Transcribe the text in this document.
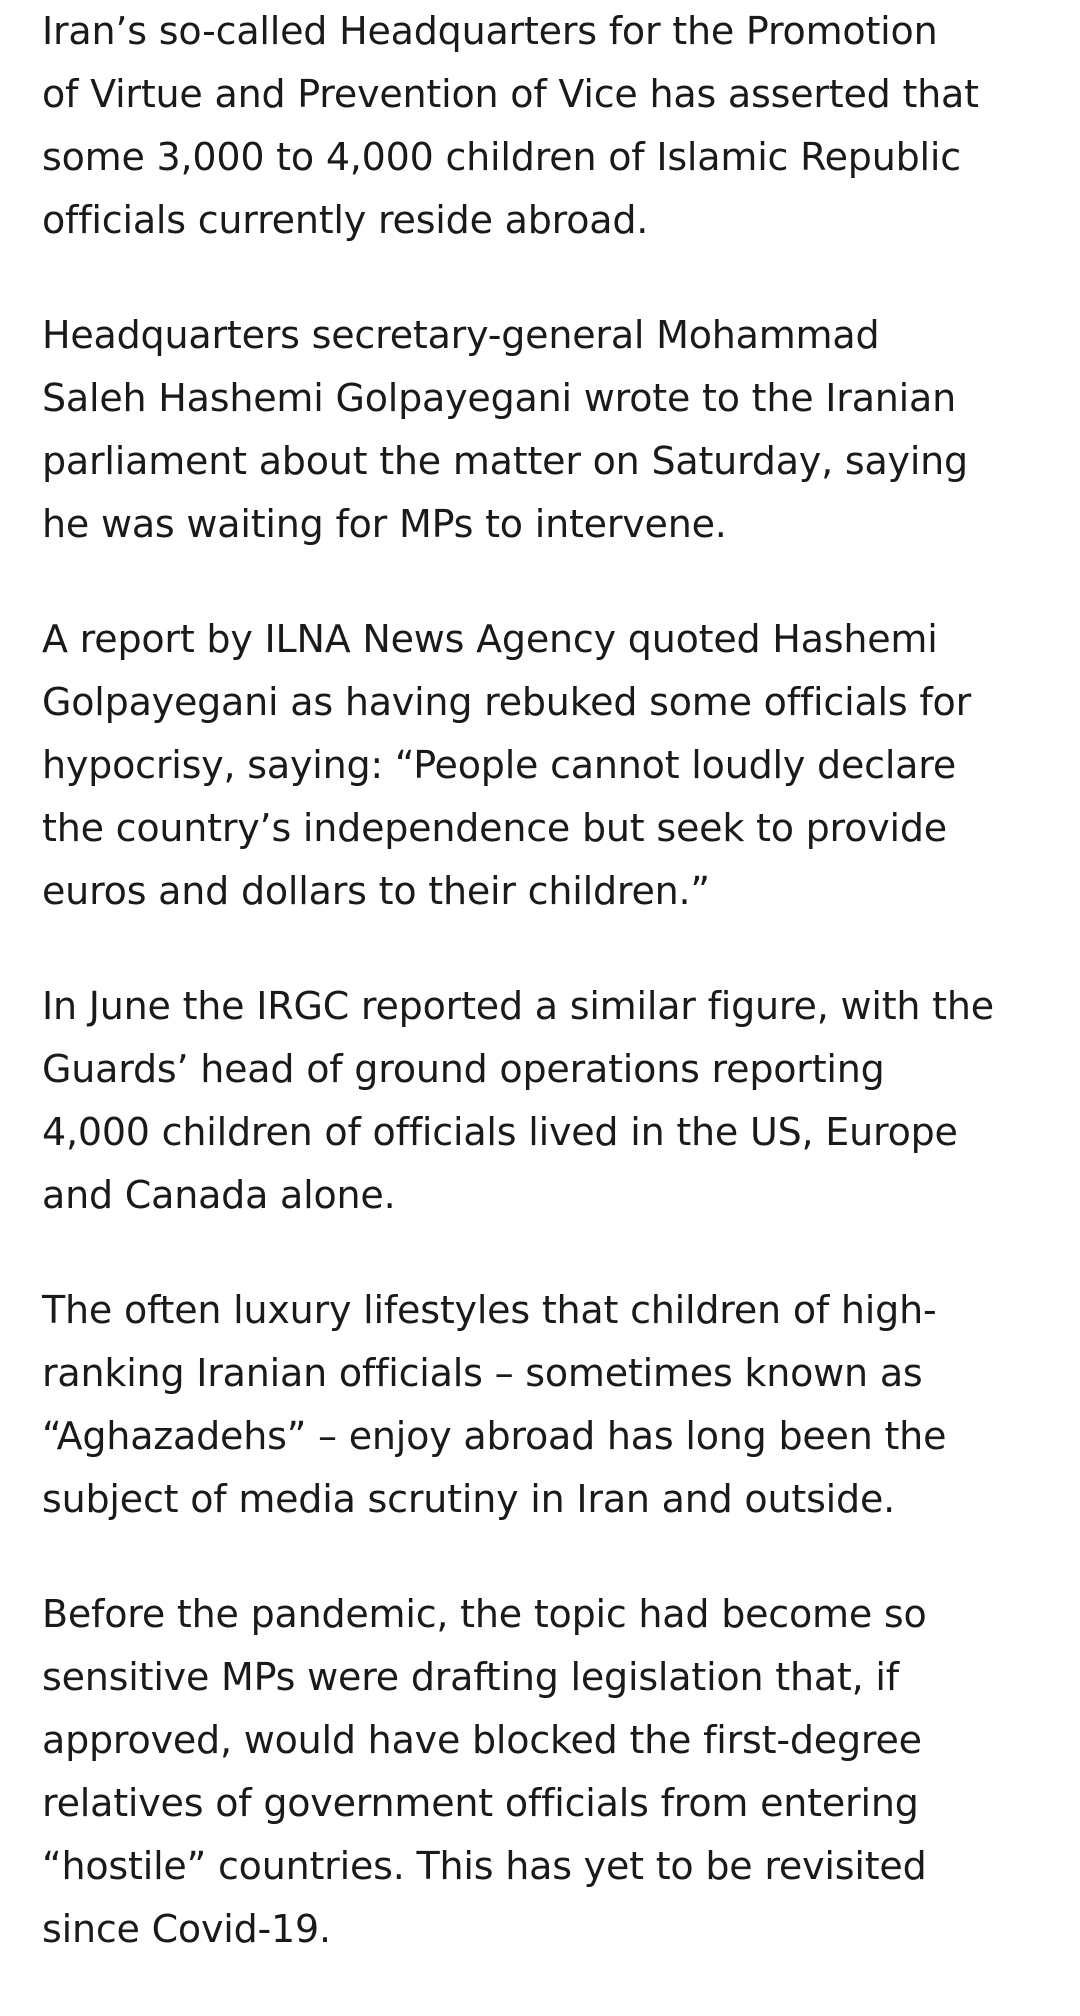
Iran’s so-called Headquarters for the Promotion
of Virtue and Prevention of Vice has asserted that
some 3,000 to 4,000 children of Islamic Republic
officials currently reside abroad.

Headquarters secretary-general Mohammad
Saleh Hashemi Golpayegani wrote to the Iranian
parliament about the matter on Saturday, saying
he was waiting for MPs to intervene.

A report by ILNA News Agency quoted Hashemi
Golpayegani as having rebuked some officials for
hypocrisy, saying: “People cannot loudly declare
the country’s independence but seek to provide
euros and dollars to their children.”

In June the IRGC reported a similar figure, with the
Guards’ head of ground operations reporting
4,000 children of officials lived in the US, Europe
and Canada alone.

The often luxury lifestyles that children of high-
ranking Iranian officials – sometimes known as
“Aghazadehs” – enjoy abroad has long been the
subject of media scrutiny in Iran and outside.

Before the pandemic, the topic had become so
sensitive MPs were drafting legislation that, if
approved, would have blocked the first-degree
relatives of government officials from entering
“hostile” countries. This has yet to be revisited
since Covid-19.
